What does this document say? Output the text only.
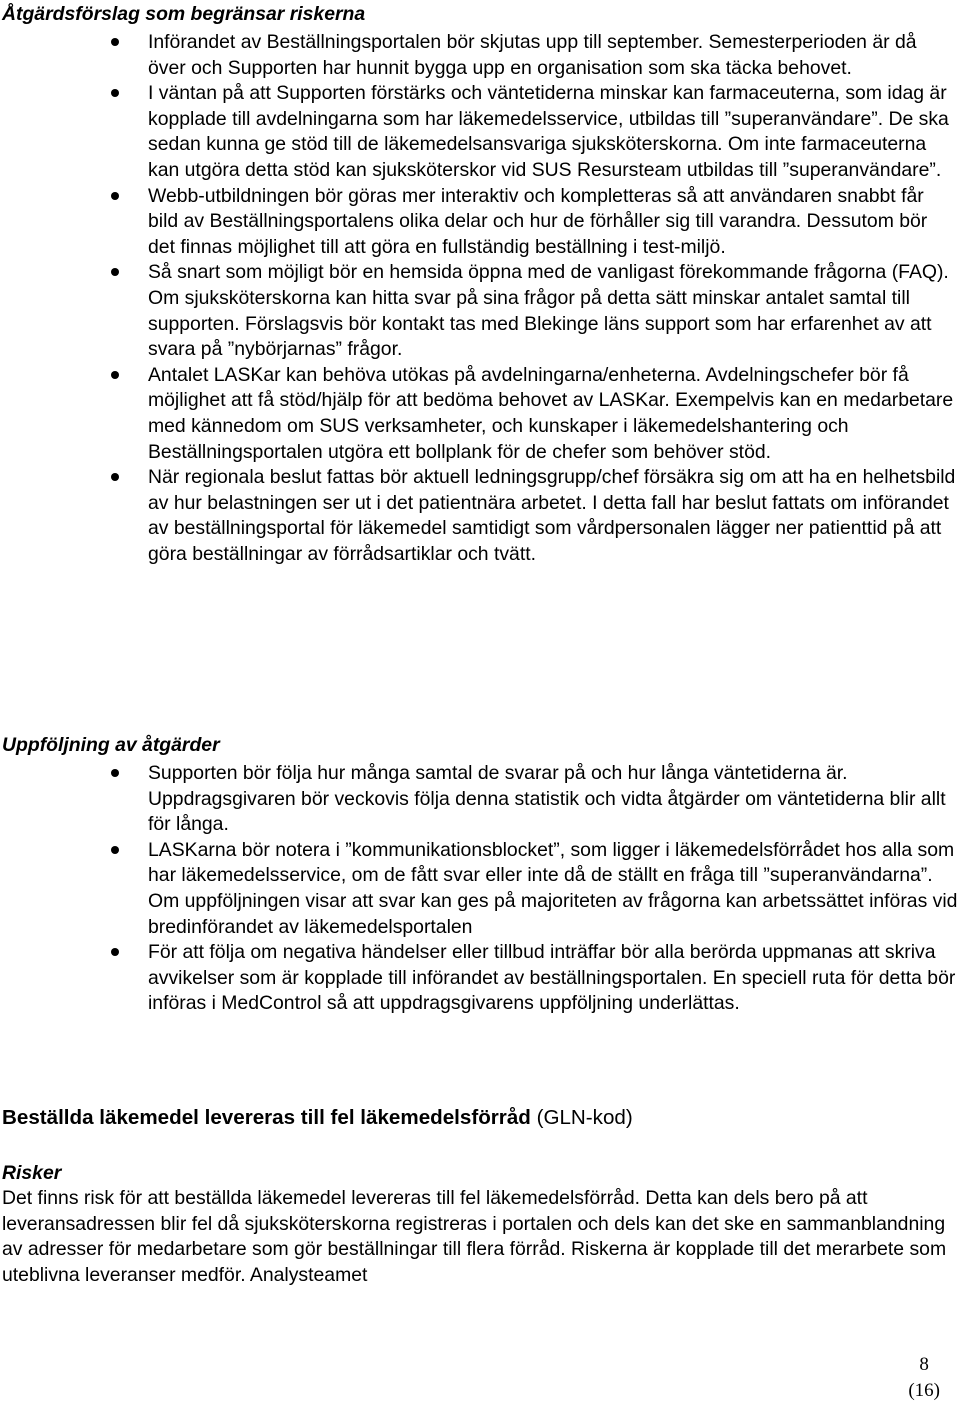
Åtgärdsförslag som begränsar riskerna
Införandet av Beställningsportalen bör skjutas upp till september. Semesterperioden är då över och Supporten har hunnit bygga upp en organisation som ska täcka behovet.
I väntan på att Supporten förstärks och väntetiderna minskar kan farmaceuterna, som idag är kopplade till avdelningarna som har läkemedelsservice, utbildas till ”superanvändare”. De ska sedan kunna ge stöd till de läkemedelsansvariga sjuksköterskorna. Om inte farmaceuterna kan utgöra detta stöd kan sjuksköterskor vid SUS Resursteam utbildas till ”superanvändare”.
Webb-utbildningen bör göras mer interaktiv och kompletteras så att användaren snabbt får bild av Beställningsportalens olika delar och hur de förhåller sig till varandra. Dessutom bör det finnas möjlighet till att göra en fullständig beställning i test-miljö.
Så snart som möjligt bör en hemsida öppna med de vanligast förekommande frågorna (FAQ). Om sjuksköterskorna kan hitta svar på sina frågor på detta sätt minskar antalet samtal till supporten. Förslagsvis bör kontakt tas med Blekinge läns support som har erfarenhet av att svara på ”nybörjarnas” frågor.
Antalet LASKar kan behöva utökas på avdelningarna/enheterna. Avdelningschefer bör få möjlighet att få stöd/hjälp för att bedöma behovet av LASKar. Exempelvis kan en medarbetare med kännedom om SUS verksamheter, och kunskaper i läkemedelshantering och Beställningsportalen utgöra ett bollplank för de chefer som behöver stöd.
När regionala beslut fattas bör aktuell ledningsgrupp/chef försäkra sig om att ha en helhetsbild av hur belastningen ser ut i det patientnära arbetet. I detta fall har beslut fattats om införandet av beställningsportal för läkemedel samtidigt som vårdpersonalen lägger ner patienttid på att göra beställningar av förrådsartiklar och tvätt.
Uppföljning av åtgärder
Supporten bör följa hur många samtal de svarar på och hur långa väntetiderna är. Uppdragsgivaren bör veckovis följa denna statistik och vidta åtgärder om väntetiderna blir allt för långa.
LASKarna bör notera i ”kommunikationsblocket”, som ligger i läkemedelsförrådet hos alla som har läkemedelsservice, om de fått svar eller inte då de ställt en fråga till ”superanvändarna”. Om uppföljningen visar att svar kan ges på majoriteten av frågorna kan arbetssättet införas vid bredinförandet av läkemedelsportalen
För att följa om negativa händelser eller tillbud inträffar bör alla berörda uppmanas att skriva avvikelser som är kopplade till införandet av beställningsportalen. En speciell ruta för detta bör införas i MedControl så att uppdragsgivarens uppföljning underlättas.
Beställda läkemedel levereras till fel läkemedelsförråd (GLN-kod)
Risker

Det finns risk för att beställda läkemedel levereras till fel läkemedelsförråd. Detta kan dels bero på att leveransadressen blir fel då sjuksköterskorna registreras i portalen och dels kan det ske en sammanblandning av adresser för medarbetare som gör beställningar till flera förråd. Riskerna är kopplade till det merarbete som uteblivna leveranser medför. Analysteamet

8
(16)
